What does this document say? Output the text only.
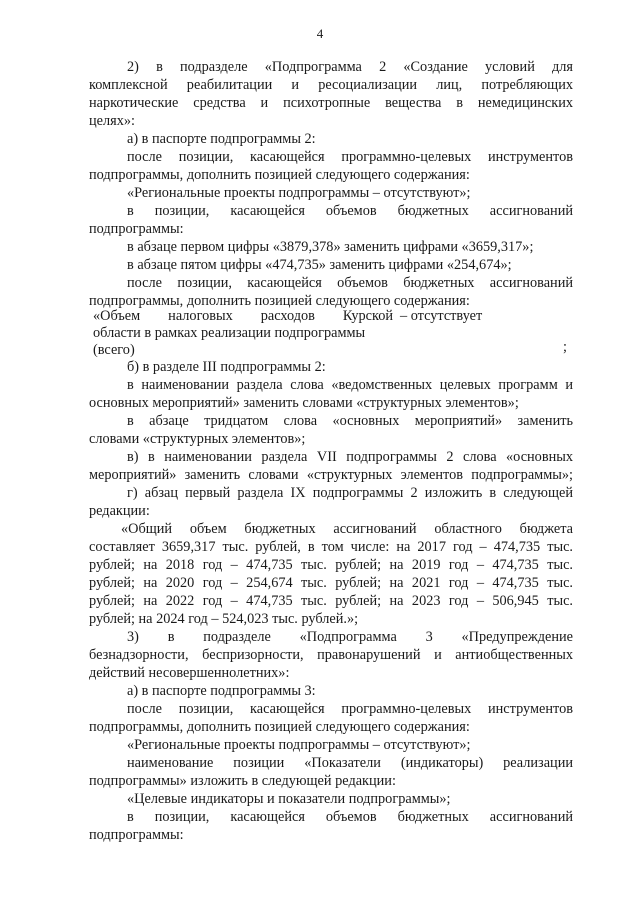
4
2) в подразделе «Подпрограмма 2 «Создание условий для
комплексной реабилитации и ресоциализации лиц, потребляющих
наркотические средства и психотропные вещества в немедицинских
целях»:
а) в паспорте подпрограммы 2:
после позиции, касающейся программно-целевых инструментов
подпрограммы, дополнить позицией следующего содержания:
«Региональные проекты подпрограммы – отсутствуют»;
в позиции, касающейся объемов бюджетных ассигнований
подпрограммы:
в абзаце первом цифры «3879,378» заменить цифрами «3659,317»;
в абзаце пятом цифры «474,735» заменить цифрами «254,674»;
после позиции, касающейся объемов бюджетных ассигнований
подпрограммы, дополнить позицией следующего содержания:
«Объем налоговых расходов Курской – отсутствует
области в рамках реализации подпрограммы
(всего)	;
б) в разделе III подпрограммы 2:
в наименовании раздела слова «ведомственных целевых программ и
основных мероприятий» заменить словами «структурных элементов»;
в абзаце тридцатом слова «основных мероприятий» заменить
словами «структурных элементов»;
в) в наименовании раздела VII подпрограммы 2 слова «основных
мероприятий» заменить словами «структурных элементов подпрограммы»;
г) абзац первый раздела IX подпрограммы 2 изложить в следующей
редакции:
«Общий объем бюджетных ассигнований областного бюджета
составляет 3659,317 тыс. рублей, в том числе: на 2017 год – 474,735 тыс.
рублей; на 2018 год – 474,735 тыс. рублей; на 2019 год – 474,735 тыс.
рублей; на 2020 год – 254,674 тыс. рублей; на 2021 год – 474,735 тыс.
рублей; на 2022 год – 474,735 тыс. рублей; на 2023 год – 506,945 тыс.
рублей; на 2024 год – 524,023 тыс. рублей.»;
3) в подразделе «Подпрограмма 3 «Предупреждение
безнадзорности, беспризорности, правонарушений и антиобщественных
действий несовершеннолетних»:
а) в паспорте подпрограммы 3:
после позиции, касающейся программно-целевых инструментов
подпрограммы, дополнить позицией следующего содержания:
«Региональные проекты подпрограммы – отсутствуют»;
наименование позиции «Показатели (индикаторы) реализации
подпрограммы» изложить в следующей редакции:
«Целевые индикаторы и показатели подпрограммы»;
в позиции, касающейся объемов бюджетных ассигнований
подпрограммы:
